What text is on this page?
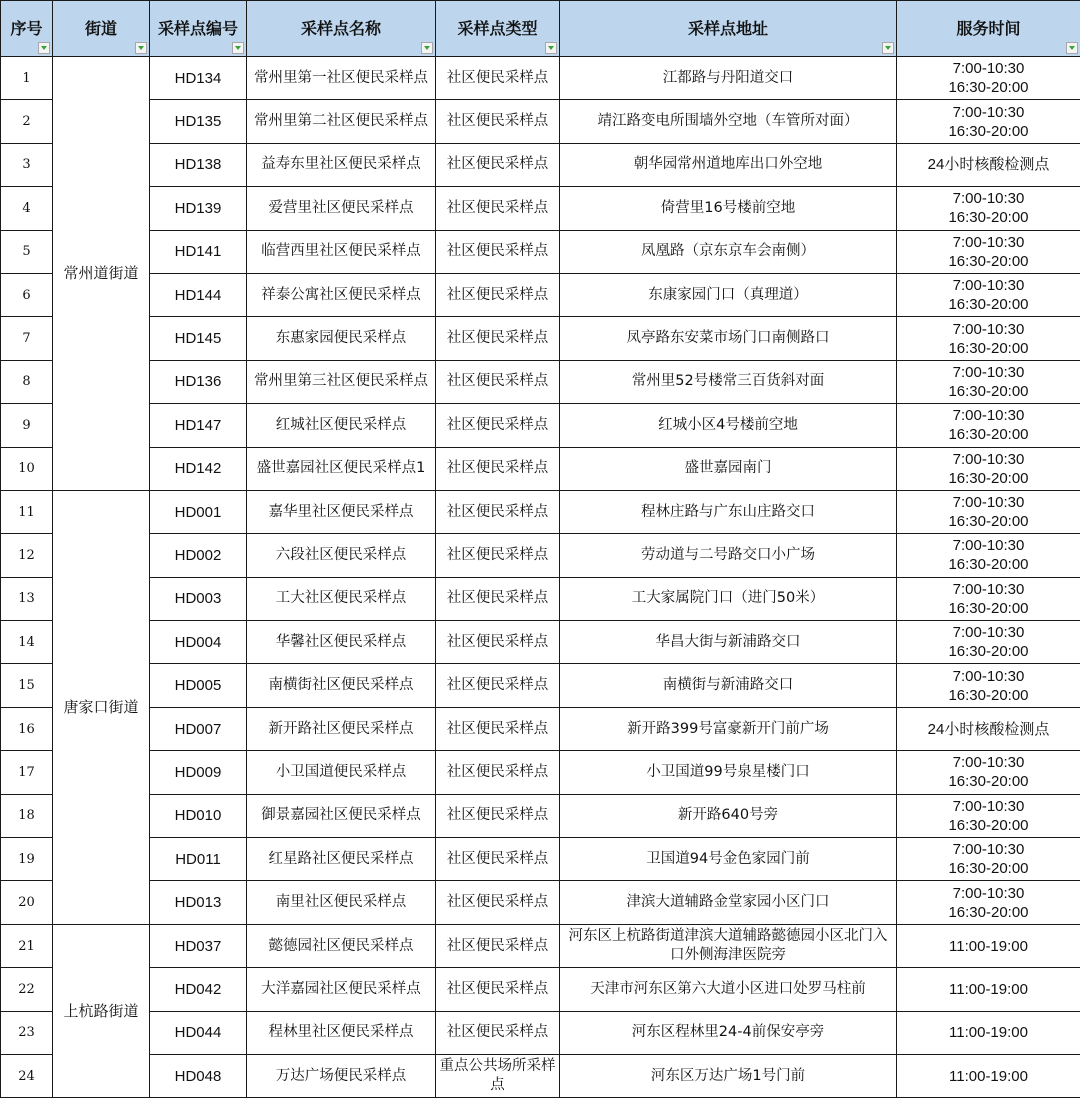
序号	街道	采样点编号	采样点名称	采样点类型	采样点地址	服务时间

1	常州道街道	HD134	常州里第一社区便民采样点	社区便民采样点	江都路与丹阳道交口	7:00-10:30
16:30-20:00

2		HD135	常州里第二社区便民采样点	社区便民采样点	靖江路变电所围墙外空地（车管所对面）	7:00-10:30
16:30-20:00

3		HD138	益寿东里社区便民采样点	社区便民采样点	朝华园常州道地库出口外空地	24小时核酸检测点

4		HD139	爱营里社区便民采样点	社区便民采样点	倚营里16号楼前空地	7:00-10:30
16:30-20:00

5		HD141	临营西里社区便民采样点	社区便民采样点	凤凰路（京东京车会南侧）	7:00-10:30
16:30-20:00

6		HD144	祥泰公寓社区便民采样点	社区便民采样点	东康家园门口（真理道）	7:00-10:30
16:30-20:00

7		HD145	东惠家园便民采样点	社区便民采样点	凤亭路东安菜市场门口南侧路口	7:00-10:30
16:30-20:00

8		HD136	常州里第三社区便民采样点	社区便民采样点	常州里52号楼常三百货斜对面	7:00-10:30
16:30-20:00

9		HD147	红城社区便民采样点	社区便民采样点	红城小区4号楼前空地	7:00-10:30
16:30-20:00

10		HD142	盛世嘉园社区便民采样点1	社区便民采样点	盛世嘉园南门	7:00-10:30
16:30-20:00

11	唐家口街道	HD001	嘉华里社区便民采样点	社区便民采样点	程林庄路与广东山庄路交口	7:00-10:30
16:30-20:00

12		HD002	六段社区便民采样点	社区便民采样点	劳动道与二号路交口小广场	7:00-10:30
16:30-20:00

13		HD003	工大社区便民采样点	社区便民采样点	工大家属院门口（进门50米）	7:00-10:30
16:30-20:00

14		HD004	华馨社区便民采样点	社区便民采样点	华昌大街与新浦路交口	7:00-10:30
16:30-20:00

15		HD005	南横街社区便民采样点	社区便民采样点	南横街与新浦路交口	7:00-10:30
16:30-20:00

16		HD007	新开路社区便民采样点	社区便民采样点	新开路399号富豪新开门前广场	24小时核酸检测点

17		HD009	小卫国道便民采样点	社区便民采样点	小卫国道99号泉星楼门口	7:00-10:30
16:30-20:00

18		HD010	御景嘉园社区便民采样点	社区便民采样点	新开路640号旁	7:00-10:30
16:30-20:00

19		HD011	红星路社区便民采样点	社区便民采样点	卫国道94号金色家园门前	7:00-10:30
16:30-20:00

20		HD013	南里社区便民采样点	社区便民采样点	津滨大道辅路金堂家园小区门口	7:00-10:30
16:30-20:00

21	上杭路街道	HD037	懿德园社区便民采样点	社区便民采样点	河东区上杭路街道津滨大道辅路懿德园小区北门入口外侧海津医院旁	11:00-19:00

22		HD042	大洋嘉园社区便民采样点	社区便民采样点	天津市河东区第六大道小区进口处罗马柱前	11:00-19:00

23		HD044	程林里社区便民采样点	社区便民采样点	河东区程林里24-4前保安亭旁	11:00-19:00

24		HD048	万达广场便民采样点	重点公共场所采样点	河东区万达广场1号门前	11:00-19:00
